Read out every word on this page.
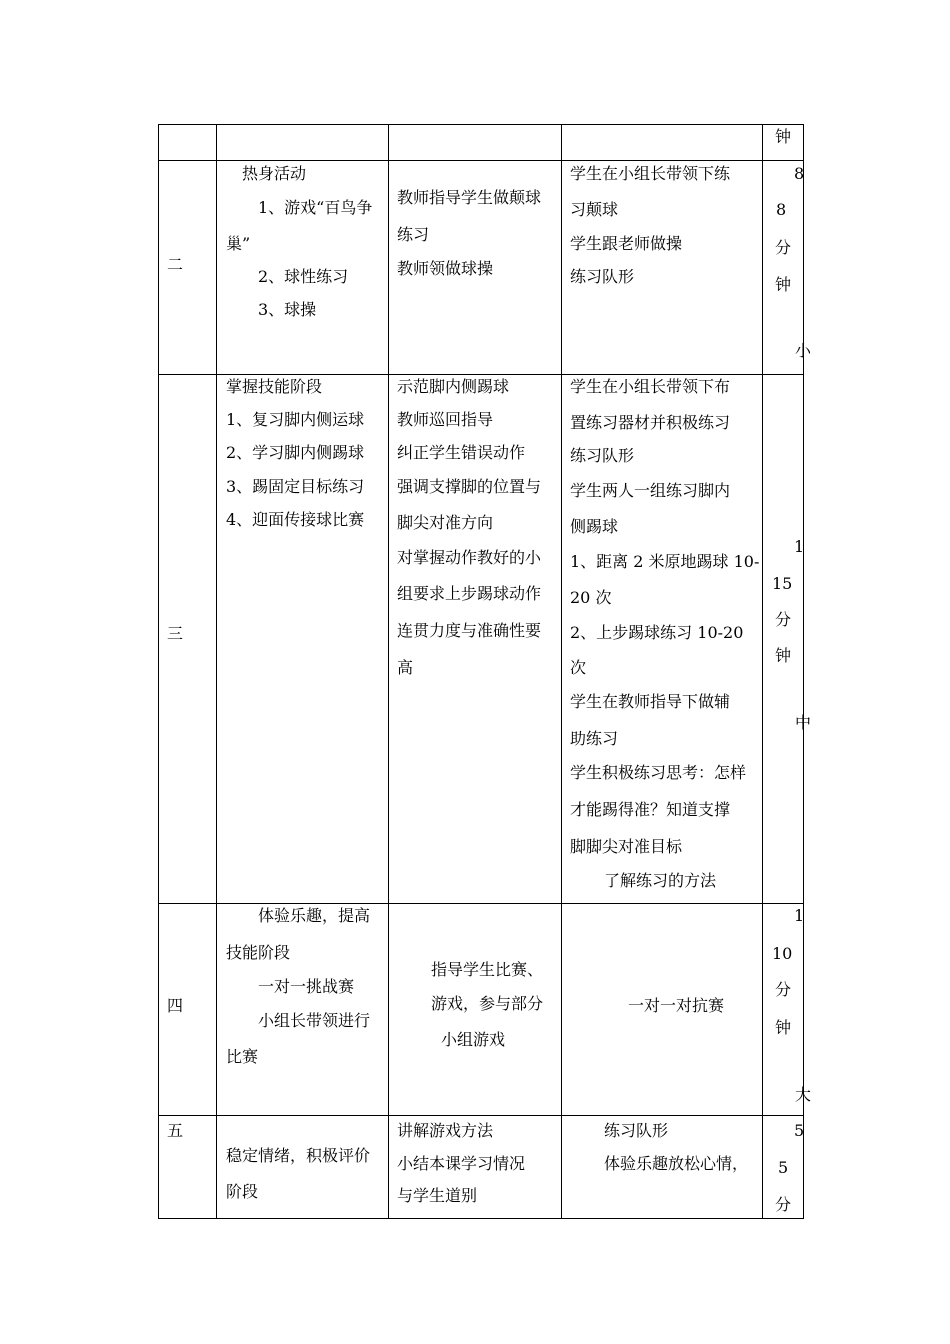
钟
二
热身活动
1、游戏“百鸟争
巢”
2、球性练习
3、球操
教师指导学生做颠球
练习
教师领做球操
学生在小组长带领下练
习颠球
学生跟老师做操
练习队形
8
8
分
钟
小
三
掌握技能阶段
1、复习脚内侧运球
2、学习脚内侧踢球
3、踢固定目标练习
4、迎面传接球比赛
示范脚内侧踢球
教师巡回指导
纠正学生错误动作
强调支撑脚的位置与
脚尖对准方向
对掌握动作教好的小
组要求上步踢球动作
连贯力度与准确性要
高
学生在小组长带领下布
置练习器材并积极练习
练习队形
学生两人一组练习脚内
侧踢球
1、距离 2 米原地踢球 10-
20 次
2、上步踢球练习 10-20
次
学生在教师指导下做辅
助练习
学生积极练习思考：怎样
才能踢得准？知道支撑
脚脚尖对准目标
了解练习的方法
1
15
分
钟
中
四
体验乐趣，提高
技能阶段
一对一挑战赛
小组长带领进行
比赛
指导学生比赛、
游戏，参与部分
小组游戏
一对一对抗赛
1
10
分
钟
大
五
稳定情绪，积极评价
阶段
讲解游戏方法
小结本课学习情况
与学生道别
练习队形
体验乐趣放松心情，
5
5
分
